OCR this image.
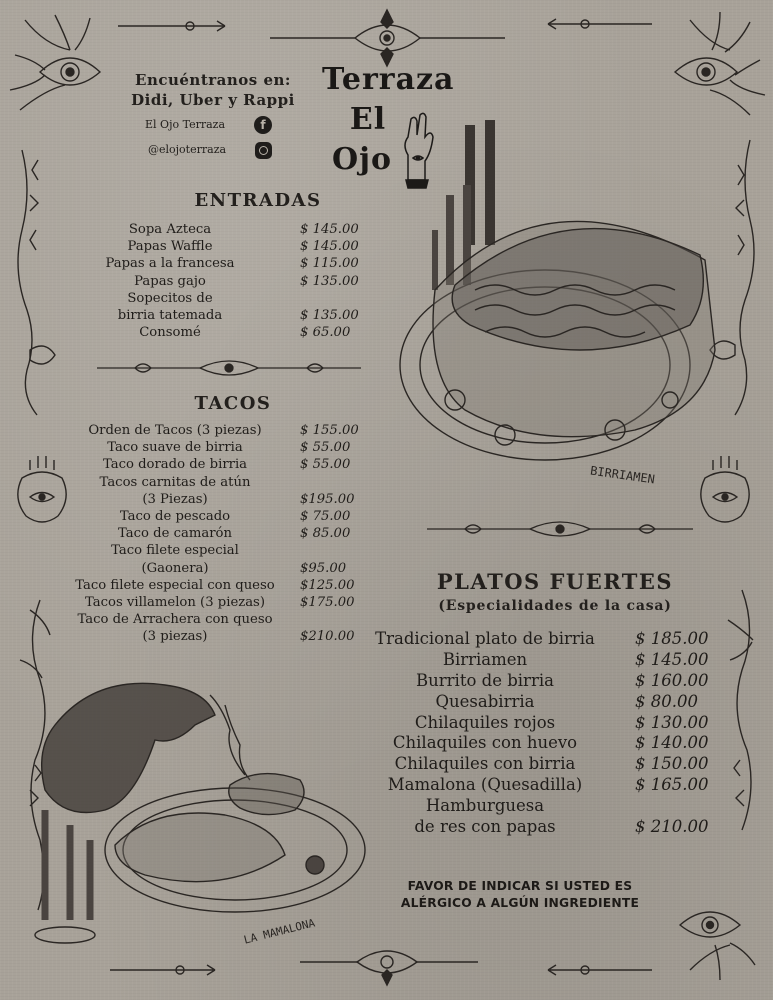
Encuéntranos en:
Didi, Uber y Rappi
El Ojo Terraza	f
@elojoterraza
Terraza
El
Ojo
BIRRIAMEN
LA MAMALONA
ENTRADAS
Sopa Azteca	$ 145.00
Papas Waffle	$ 145.00
Papas a la francesa	$ 115.00
Papas gajo	$ 135.00
Sopecitos de
birria tatemada	$ 135.00
Consomé	$ 65.00
TACOS
Orden de Tacos (3 piezas)	$ 155.00
Taco suave de birria	$ 55.00
Taco dorado de birria	$ 55.00
Tacos carnitas de atún
(3 Piezas)	$195.00
Taco de pescado	$ 75.00
Taco de camarón	$ 85.00
Taco filete especial
(Gaonera)	$95.00
Taco filete especial con queso	$125.00
Tacos villamelon (3 piezas)	$175.00
Taco de Arrachera con queso
(3 piezas)	$210.00
PLATOS FUERTES
(Especialidades de la casa)
Tradicional plato de birria	$ 185.00
Birriamen	$ 145.00
Burrito de birria	$ 160.00
Quesabirria	$ 80.00
Chilaquiles rojos	$ 130.00
Chilaquiles con huevo	$ 140.00
Chilaquiles con birria	$ 150.00
Mamalona (Quesadilla)	$ 165.00
Hamburguesa
de res con papas	$ 210.00
FAVOR DE INDICAR SI USTED ES
ALÉRGICO A ALGÚN INGREDIENTE
